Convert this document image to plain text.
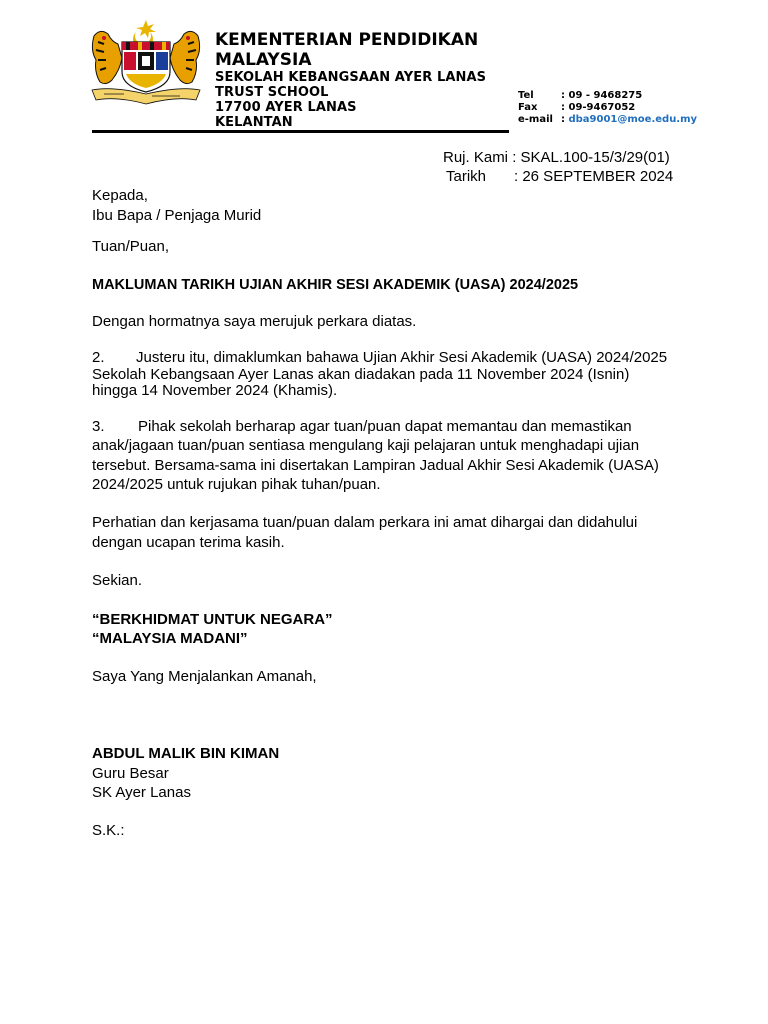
KEMENTERIAN PENDIDIKAN
MALAYSIA
SEKOLAH KEBANGSAAN AYER LANAS
TRUST SCHOOL
17700 AYER LANAS
KELANTAN
Tel	: 09 - 9468275
Fax : 09-9467052
e-mail : dba9001@moe.edu.my
Ruj. Kami : SKAL.100-15/3/29(01)
Tarikh : 26 SEPTEMBER 2024
Kepada,
Ibu Bapa / Penjaga Murid
Tuan/Puan,
MAKLUMAN TARIKH UJIAN AKHIR SESI AKADEMIK (UASA) 2024/2025
Dengan hormatnya saya merujuk perkara diatas.
2. Justeru itu, dimaklumkan bahawa Ujian Akhir Sesi Akademik (UASA) 2024/2025
Sekolah Kebangsaan Ayer Lanas akan diadakan pada 11 November 2024 (Isnin)
hingga 14 November 2024 (Khamis).
3. Pihak sekolah berharap agar tuan/puan dapat memantau dan memastikan
anak/jagaan tuan/puan sentiasa mengulang kaji pelajaran untuk menghadapi ujian
tersebut. Bersama-sama ini disertakan Lampiran Jadual Akhir Sesi Akademik (UASA)
2024/2025 untuk rujukan pihak tuhan/puan.
Perhatian dan kerjasama tuan/puan dalam perkara ini amat dihargai dan didahului
dengan ucapan terima kasih.
Sekian.
“BERKHIDMAT UNTUK NEGARA”
“MALAYSIA MADANI”
Saya Yang Menjalankan Amanah,
ABDUL MALIK BIN KIMAN
Guru Besar
SK Ayer Lanas
S.K.:
